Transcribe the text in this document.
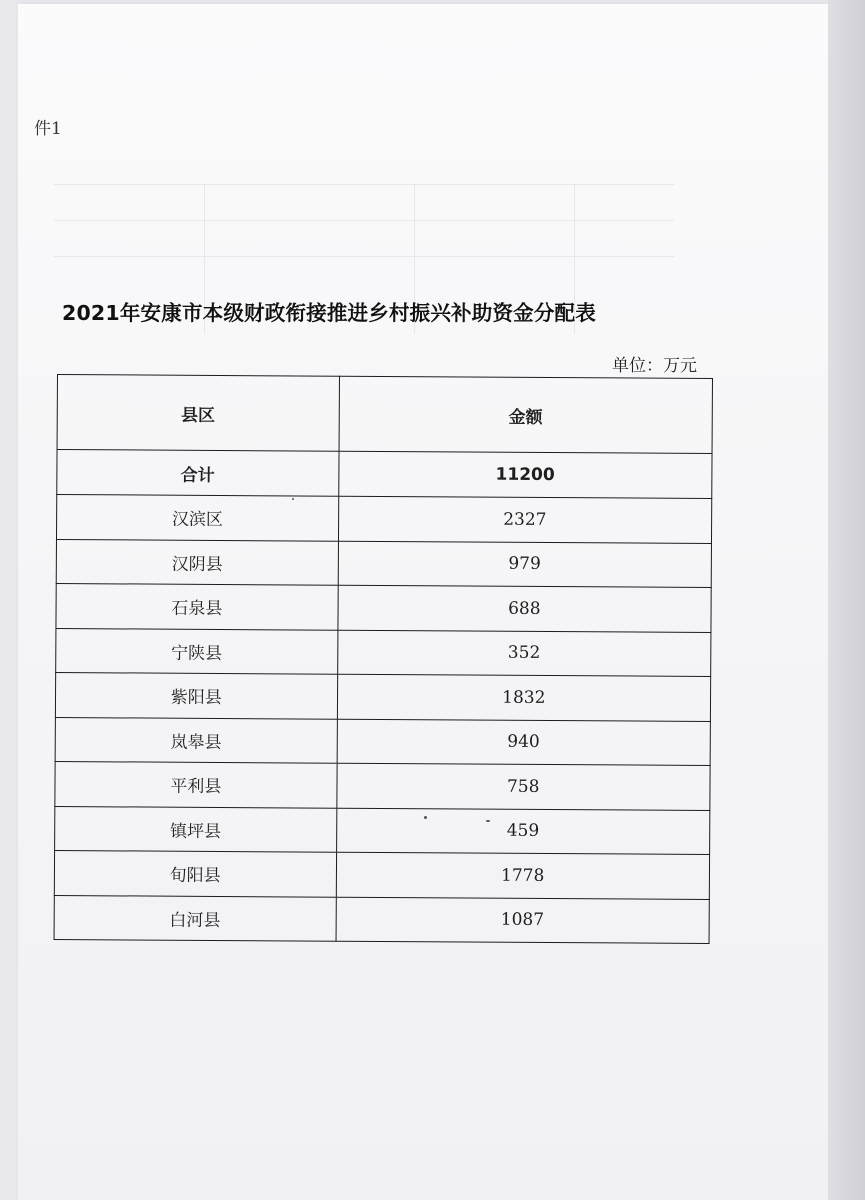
件1
2021年安康市本级财政衔接推进乡村振兴补助资金分配表
单位：万元
县区	金额
合计	11200
汉滨区	2327
汉阴县	979
石泉县	688
宁陕县	352
紫阳县	1832
岚皋县	940
平利县	758
镇坪县	459
旬阳县	1778
白河县	1087
